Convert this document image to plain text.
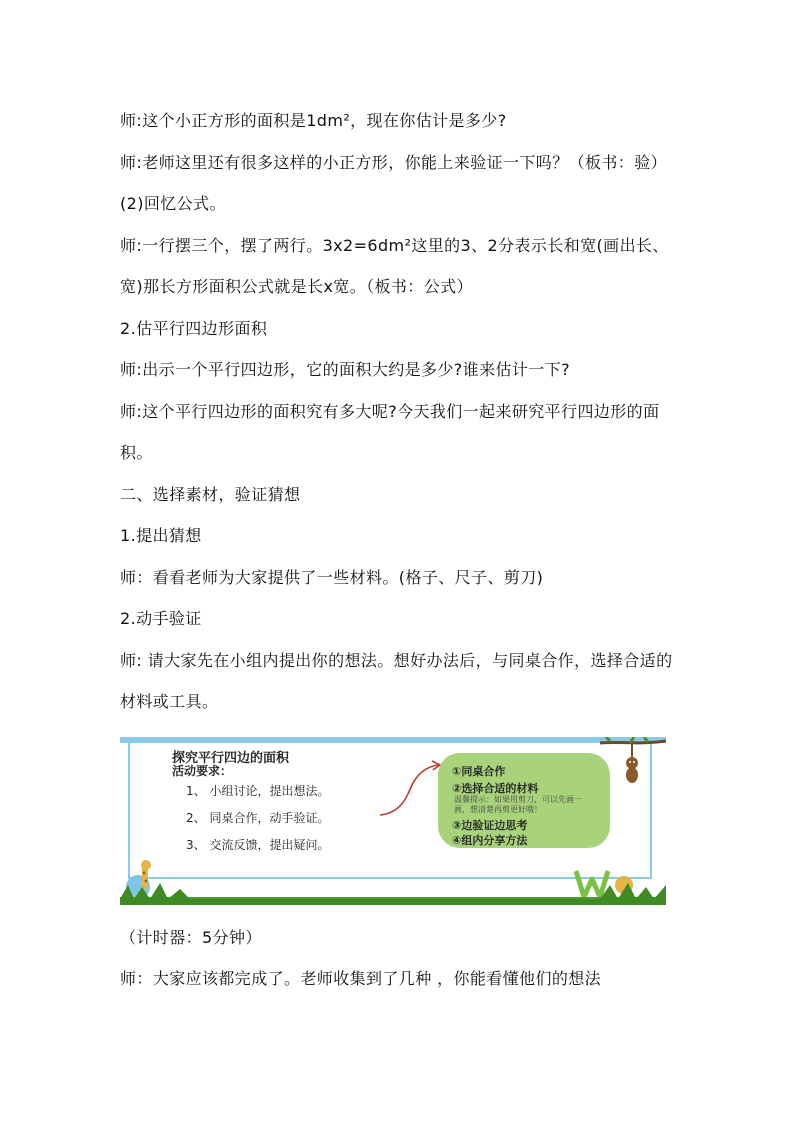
师:这个小正方形的面积是1dm²，现在你估计是多少?

师:老师这里还有很多这样的小正方形，你能上来验证一下吗？（板书：验）

(2)回忆公式。

师:一行摆三个，摆了两行。3x2=6dm²这里的3、2分表示长和宽(画出长、宽)那长方形面积公式就是长x宽。（板书：公式）

2.估平行四边形面积

师:出示一个平行四边形，它的面积大约是多少?谁来估计一下?

师:这个平行四边形的面积究有多大呢?今天我们一起来研究平行四边形的面积。

二、选择素材，验证猜想

1.提出猜想

师：看看老师为大家提供了一些材料。(格子、尺子、剪刀)

2.动手验证

师: 请大家先在小组内提出你的想法。想好办法后，与同桌合作，选择合适的材料或工具。

探究平行四边的面积
活动要求：
1、 小组讨论，提出想法。
2、 同桌合作，动手验证。
3、 交流反馈，提出疑问。
①同桌合作
②选择合适的材料
温馨提示：如果用剪刀，可以先画一画，想清楚再剪更好哦！
③边验证边思考
④组内分享方法

（计时器：5分钟）

师：大家应该都完成了。老师收集到了几种 ，你能看懂他们的想法
